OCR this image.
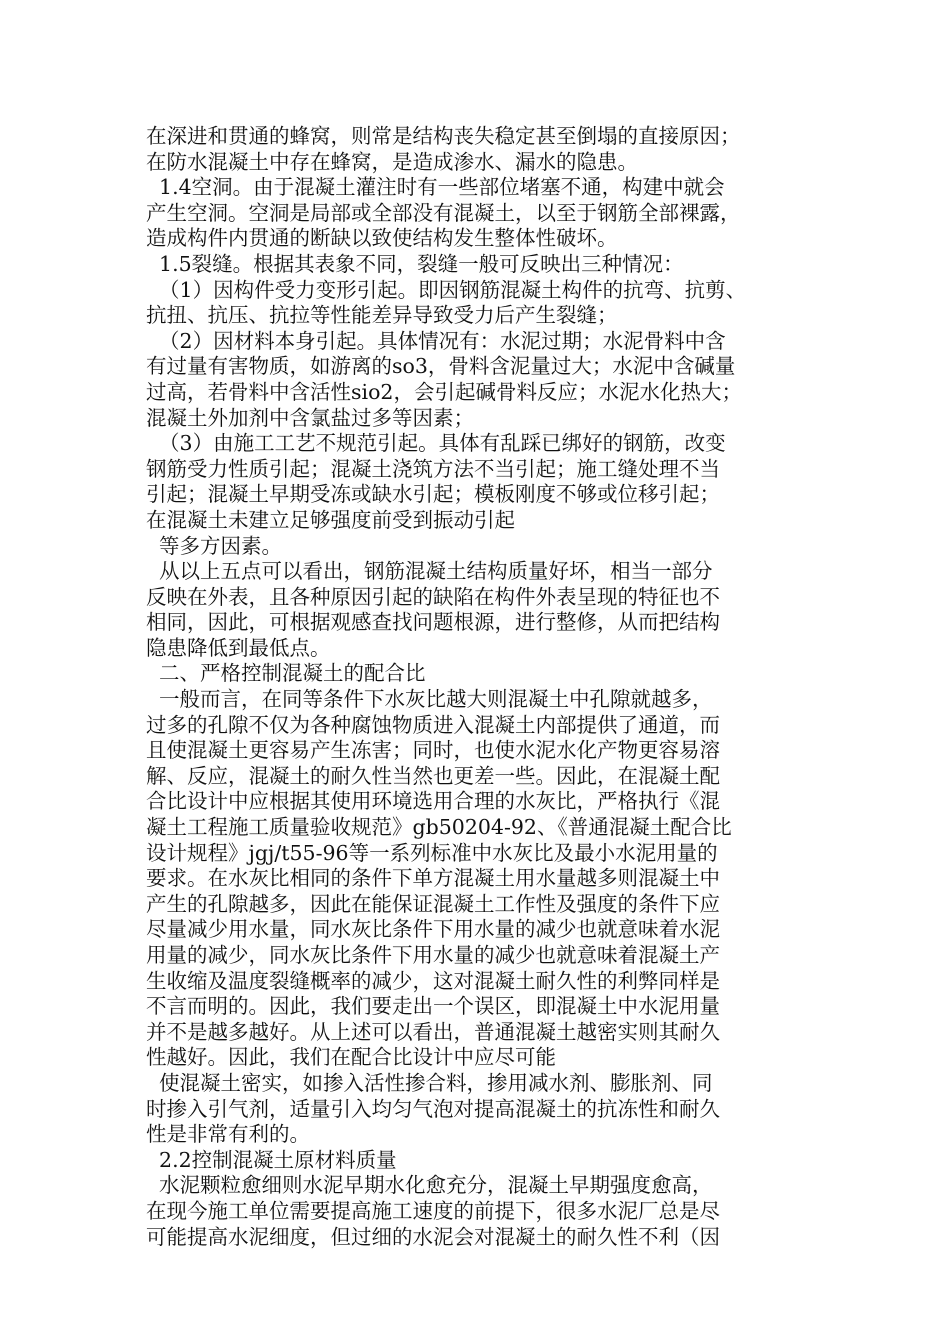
在深进和贯通的蜂窝，则常是结构丧失稳定甚至倒塌的直接原因；
在防水混凝土中存在蜂窝，是造成渗水、漏水的隐患。
1.4空洞。由于混凝土灌注时有一些部位堵塞不通，构建中就会
产生空洞。空洞是局部或全部没有混凝土，以至于钢筋全部裸露，
造成构件内贯通的断缺以致使结构发生整体性破坏。
1.5裂缝。根据其表象不同，裂缝一般可反映出三种情况：
（1）因构件受力变形引起。即因钢筋混凝土构件的抗弯、抗剪、
抗扭、抗压、抗拉等性能差异导致受力后产生裂缝；
（2）因材料本身引起。具体情况有：水泥过期；水泥骨料中含
有过量有害物质，如游离的so3，骨料含泥量过大；水泥中含碱量
过高，若骨料中含活性sio2，会引起碱骨料反应；水泥水化热大；
混凝土外加剂中含氯盐过多等因素；
（3）由施工工艺不规范引起。具体有乱踩已绑好的钢筋，改变
钢筋受力性质引起；混凝土浇筑方法不当引起；施工缝处理不当
引起；混凝土早期受冻或缺水引起；模板刚度不够或位移引起；
在混凝土未建立足够强度前受到振动引起
等多方因素。
从以上五点可以看出，钢筋混凝土结构质量好坏，相当一部分
反映在外表，且各种原因引起的缺陷在构件外表呈现的特征也不
相同，因此，可根据观感查找问题根源，进行整修，从而把结构
隐患降低到最低点。
二、严格控制混凝土的配合比
一般而言，在同等条件下水灰比越大则混凝土中孔隙就越多，
过多的孔隙不仅为各种腐蚀物质进入混凝土内部提供了通道，而
且使混凝土更容易产生冻害；同时，也使水泥水化产物更容易溶
解、反应，混凝土的耐久性当然也更差一些。因此，在混凝土配
合比设计中应根据其使用环境选用合理的水灰比，严格执行《混
凝土工程施工质量验收规范》gb50204-92、《普通混凝土配合比
设计规程》jgj/t55-96等一系列标准中水灰比及最小水泥用量的
要求。在水灰比相同的条件下单方混凝土用水量越多则混凝土中
产生的孔隙越多，因此在能保证混凝土工作性及强度的条件下应
尽量减少用水量，同水灰比条件下用水量的减少也就意味着水泥
用量的减少，同水灰比条件下用水量的减少也就意味着混凝土产
生收缩及温度裂缝概率的减少，这对混凝土耐久性的利弊同样是
不言而明的。因此，我们要走出一个误区，即混凝土中水泥用量
并不是越多越好。从上述可以看出，普通混凝土越密实则其耐久
性越好。因此，我们在配合比设计中应尽可能
使混凝土密实，如掺入活性掺合料，掺用减水剂、膨胀剂、同
时掺入引气剂，适量引入均匀气泡对提高混凝土的抗冻性和耐久
性是非常有利的。
2.2控制混凝土原材料质量
水泥颗粒愈细则水泥早期水化愈充分，混凝土早期强度愈高，
在现今施工单位需要提高施工速度的前提下，很多水泥厂总是尽
可能提高水泥细度，但过细的水泥会对混凝土的耐久性不利（因
